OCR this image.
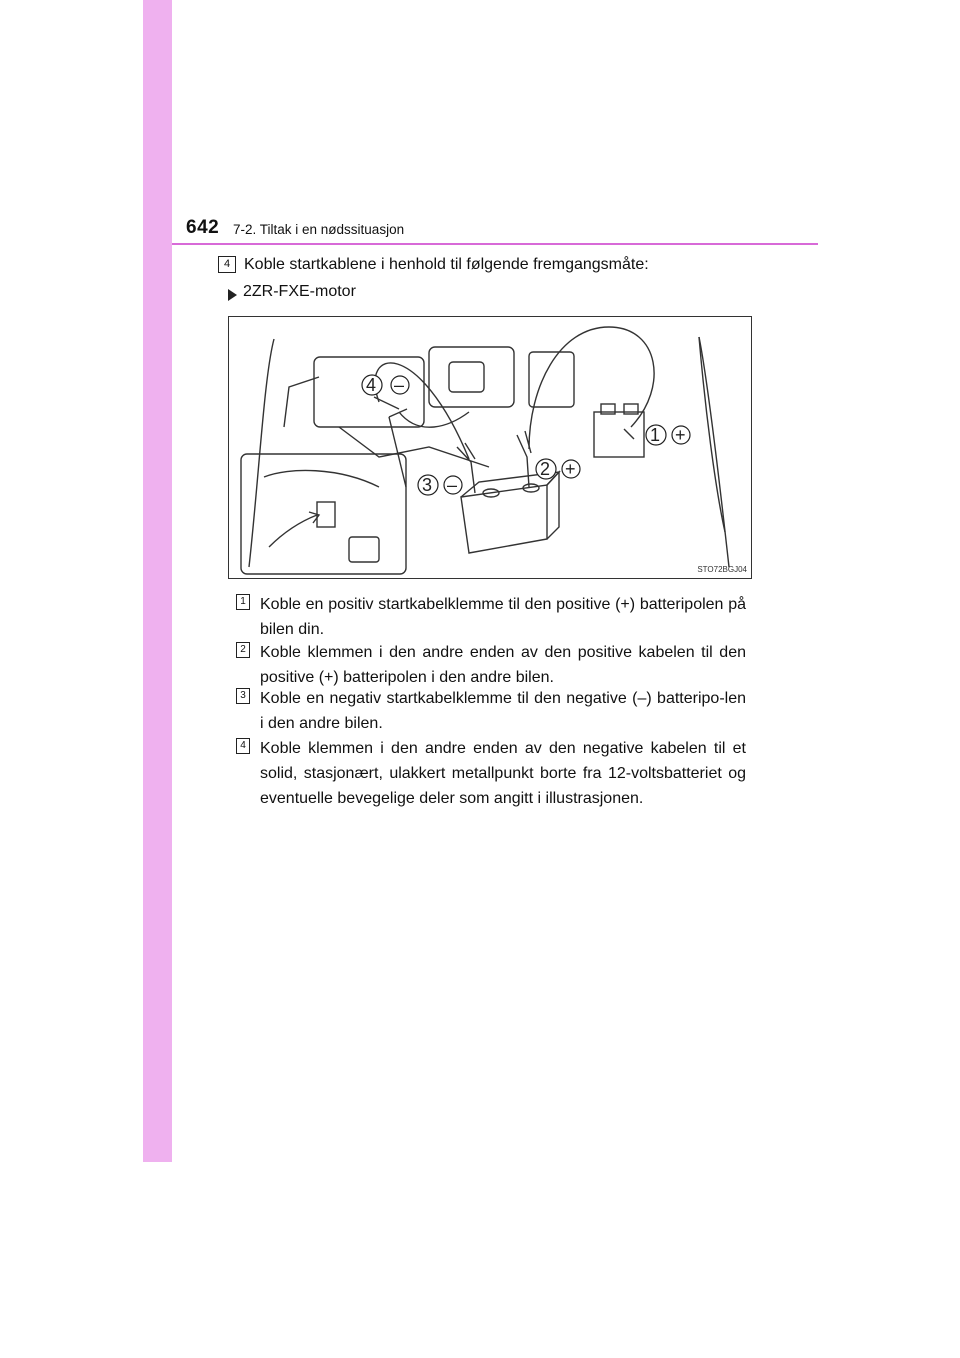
642 7-2. Tiltak i en nødssituasjon
4 Koble startkablene i henhold til følgende fremgangsmåte:
2ZR-FXE-motor
4 –
1 +
2 +
3 –
STO72BGJ04
1 Koble en positiv startkabelklemme til den positive (+) batteripolen på bilen din.
2 Koble klemmen i den andre enden av den positive kabelen til den positive (+) batteripolen i den andre bilen.
3 Koble en negativ startkabelklemme til den negative (–) batteripo-len i den andre bilen.
4 Koble klemmen i den andre enden av den negative kabelen til et solid, stasjonært, ulakkert metallpunkt borte fra 12-voltsbatteriet og eventuelle bevegelige deler som angitt i illustrasjonen.
